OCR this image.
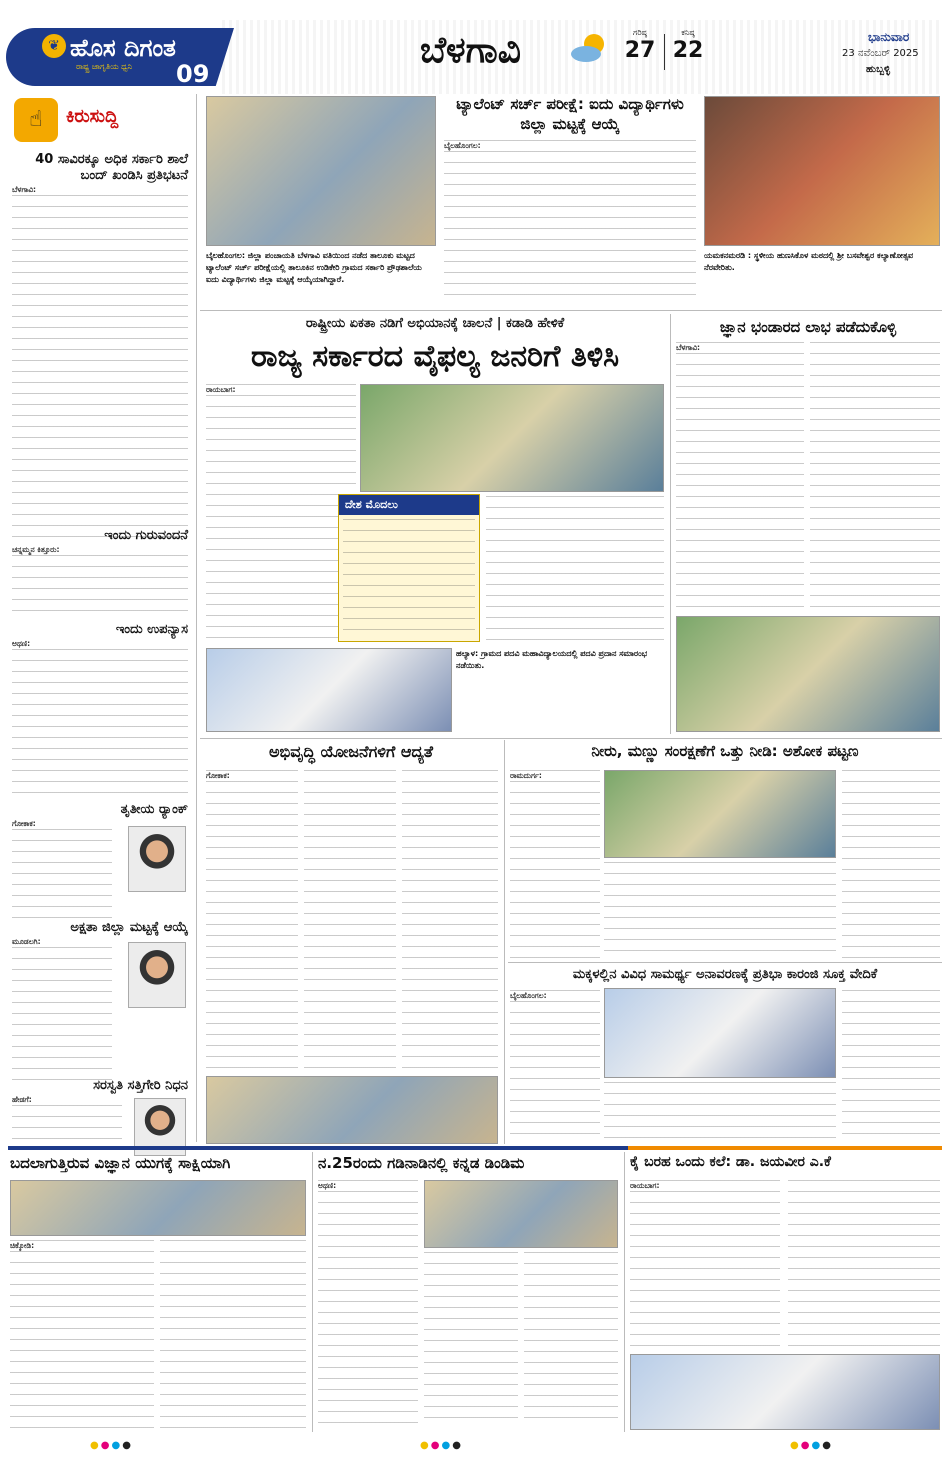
❦ ಹೊಸ ದಿಗಂತ
ರಾಷ್ಟ್ರ ಜಾಗೃತಿಯ ಧ್ವನಿ 09
ಬೆಳಗಾವಿ	ಗರಿಷ್ಠ
27
ಕನಿಷ್ಠ
22
ಭಾನುವಾರ
23 ನವೆಂಬರ್ 2025
ಹುಬ್ಬಳ್ಳಿ
☝	ಕಿರುಸುದ್ದಿ
40 ಸಾವಿರಕ್ಕೂ ಅಧಿಕ ಸರ್ಕಾರಿ ಶಾಲೆ ಬಂದ್ ಖಂಡಿಸಿ ಪ್ರತಿಭಟನೆ
ಬೆಳಗಾವಿ:
ಇಂದು ಗುರುವಂದನೆ
ಚನ್ನಮ್ಮನ ಕಿತ್ತೂರು:
ಇಂದು ಉಪನ್ಯಾಸ
ಅಥಣಿ:
ತೃತೀಯ ರ‍್ಯಾಂಕ್
ಗೋಕಾಕ:
ಅಕ್ಷತಾ ಜಿಲ್ಲಾ ಮಟ್ಟಕ್ಕೆ ಆಯ್ಕೆ
ಮೂಡಲಗಿ:
ಸರಸ್ವತಿ ಸತ್ತಿಗೇರಿ ನಿಧನ
ಹೇಡಗೆ:
ಬೈಲಹೊಂಗಲ: ಜಿಲ್ಲಾ ಪಂಚಾಯತಿ ಬೆಳಗಾವಿ ವತಿಯಿಂದ ನಡೆದ ತಾಲೂಕು ಮಟ್ಟದ ಟ್ಯಾಲೆಂಟ್ ಸರ್ಚ್ ಪರೀಕ್ಷೆಯಲ್ಲಿ ತಾಲೂಕಿನ ಉಡಿಕೇರಿ ಗ್ರಾಮದ ಸರ್ಕಾರಿ ಪ್ರೌಢಶಾಲೆಯ ಐದು ವಿದ್ಯಾರ್ಥಿಗಳು ಜಿಲ್ಲಾ ಮಟ್ಟಕ್ಕೆ ಆಯ್ಕೆಯಾಗಿದ್ದಾರೆ.
ಟ್ಯಾಲೆಂಟ್ ಸರ್ಚ್ ಪರೀಕ್ಷೆ: ಐದು ವಿದ್ಯಾರ್ಥಿಗಳು ಜಿಲ್ಲಾ ಮಟ್ಟಕ್ಕೆ ಆಯ್ಕೆ
ಬೈಲಹೊಂಗಲ:
ಯಮಕನಮರಡಿ : ಸ್ಥಳೀಯ ಹುಣಸಿಕೊಳ ಮಠದಲ್ಲಿ ಶ್ರೀ ಬಸವೇಶ್ವರ ಕಲ್ಯಾಣೋತ್ಸವ ನೆರವೇರಿತು.
ರಾಷ್ಟ್ರೀಯ ಏಕತಾ ನಡಿಗೆ ಅಭಿಯಾನಕ್ಕೆ ಚಾಲನೆ | ಕಡಾಡಿ ಹೇಳಿಕೆ
ರಾಜ್ಯ ಸರ್ಕಾರದ ವೈಫಲ್ಯ ಜನರಿಗೆ ತಿಳಿಸಿ
ರಾಯಬಾಗ:
ದೇಶ ಮೊದಲು
ಹಲ್ಯಾಳ: ಗ್ರಾಮದ ಪದವಿ ಮಹಾವಿದ್ಯಾಲಯದಲ್ಲಿ ಪದವಿ ಪ್ರದಾನ ಸಮಾರಂಭ ನಡೆಯಿತು.
ಜ್ಞಾನ ಭಂಡಾರದ ಲಾಭ ಪಡೆದುಕೊಳ್ಳಿ
ಬೆಳಗಾವಿ:
ಅಭಿವೃದ್ಧಿ ಯೋಜನೆಗಳಿಗೆ ಆದ್ಯತೆ
ಗೋಕಾಕ:
ನೀರು, ಮಣ್ಣು ಸಂರಕ್ಷಣೆಗೆ ಒತ್ತು ನೀಡಿ: ಅಶೋಕ ಪಟ್ಟಣ
ರಾಮದುರ್ಗ:
ಮಕ್ಕಳಲ್ಲಿನ ವಿವಿಧ ಸಾಮರ್ಥ್ಯ ಅನಾವರಣಕ್ಕೆ ಪ್ರತಿಭಾ ಕಾರಂಜಿ ಸೂಕ್ತ ವೇದಿಕೆ
ಬೈಲಹೊಂಗಲ:
ಬದಲಾಗುತ್ತಿರುವ ವಿಜ್ಞಾನ ಯುಗಕ್ಕೆ ಸಾಕ್ಷಿಯಾಗಿ
ಚಿಕ್ಕೋಡಿ:
ನ.25ರಂದು ಗಡಿನಾಡಿನಲ್ಲಿ ಕನ್ನಡ ಡಿಂಡಿಮ
ಅಥಣಿ:
ಕೈ ಬರಹ ಒಂದು ಕಲೆ: ಡಾ. ಜಯವೀರ ಎ.ಕೆ
ರಾಯಬಾಗ:
●●●●	●●●●	●●●●
